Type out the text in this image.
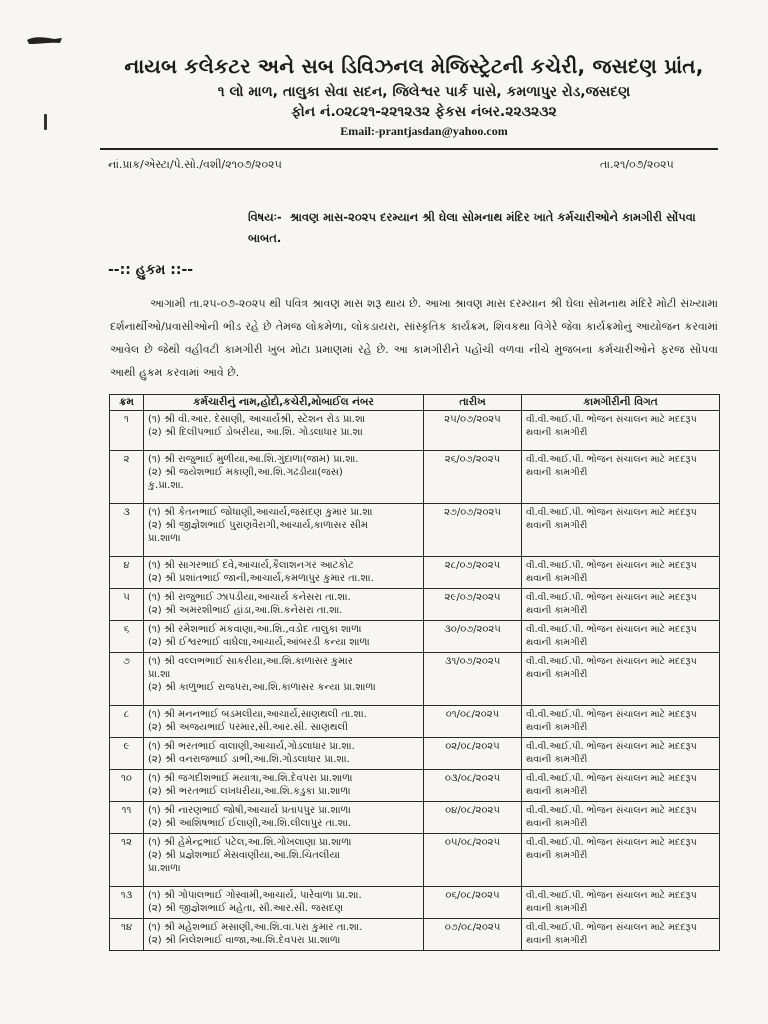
નાયબ કલેકટર અને સબ ડિવિઝનલ મેજિસ્ટ્રેટની કચેરી, જસદણ પ્રાંત,
૧ લો માળ, તાલુકા સેવા સદન, જિલેશ્વર પાર્ક પાસે, કમળાપુર રોડ,જસદણ
ફોન નં.૦૨૮૨૧-૨૨૧૨૩૨ ફેકસ નંબર.૨૨૩૨૩૨
Email:-prantjasdan@yahoo.com
નાં.પ્રાક/એસ્ટા/પે.સો./વશી/૨૧૦૭/૨૦૨૫	તા.૨૧/૦૭/૨૦૨૫
વિષયઃ- શ્રાવણ માસ-૨૦૨૫ દરમ્યાન શ્રી ઘેલા સોમનાથ મંદિર ખાતે કર્મચારીઓને કામગીરી સોંપવા બાબત.
--:: હુકમ ::--
આગામી તા.૨૫-૦૭-૨૦૨૫ થી પવિત્ર શ્રાવણ માસ શરૂ થાય છે. આખા શ્રાવણ માસ દરમ્યાન શ્રી ઘેલા સોમનાથ મંદિરે મોટી સંખ્યામા દર્શનાર્થીઓ/પ્રવાસીઓની ભીડ રહે છે તેમજ લોકમેળા, લોકડાયરા, સાંસ્કૃતિક કાર્યક્રમ, શિવકથા વિગેરે જેવા કાર્યક્રમોનું આયોજન કરવામાં આવેલ છે જેથી વહીવટી કામગીરી ખુબ મોટા પ્રમાણમાં રહે છે. આ કામગીરીને પહોંચી વળવા નીચે મુજબના કર્મચારીઓને ફરજ સોંપવા આથી હુકમ કરવામાં આવે છે.
ક્રમ	કર્મચારીનું નામ,હોદો,કચેરી,મોબાઈલ નંબર	તારીખ	કામગીરીની વિગત
૧	(૧) શ્રી વી.આર. દેસાણી, આચાર્યશ્રી, સ્ટેશન રોડ પ્રા.શા
(૨) શ્રી દિલીપભાઈ ડોબરીયા, આ.શિ. ગોડલાધાર પ્રા.શા	૨૫/૦૭/૨૦૨૫	વી.વી.આઈ.પી. ભોજન સંચાલન માટે મદદરૂપ થવાની કામગીરી
૨	(૧) શ્રી રાજુભાઈ મુળીયા,આ.શિ.ગુંદાળા(જામ) પ્રા.શા.
(૨) શ્રી જયેશભાઈ મકાણી,આ.શિ.ગઢડીયા(જસ)
કુ.પ્રા.શા.	૨૬/૦૭/૨૦૨૫	વી.વી.આઈ.પી. ભોજન સંચાલન માટે મદદરૂપ થવાની કામગીરી
૩	(૧) શ્રી કેતનભાઈ જોધાણી,આચાર્ય,જસદણ કુમાર પ્રા.શા
(૨) શ્રી જીજ્ઞેશભાઈ પુરાણવૈરાગી,આચાર્ય,કાળાસર સીમ
પ્રા.શાળા	૨૭/૦૭/૨૦૨૫	વી.વી.આઈ.પી. ભોજન સંચાલન માટે મદદરૂપ થવાની કામગીરી
૪	(૧) શ્રી સાગરભાઈ દવે,આચાર્ય,કૈલાશનગર આટકોટ
(૨) શ્રી પ્રશાંતભાઈ જાની,આચાર્ય,કમળાપુર કુમાર તા.શા.	૨૮/૦૭/૨૦૨૫	વી.વી.આઈ.પી. ભોજન સંચાલન માટે મદદરૂપ થવાની કામગીરી
૫	(૧) શ્રી રાજુભાઈ ઝાપડીયા,આચાર્ય કનેસરા તા.શા.
(૨) શ્રી અમરશીભાઈ હાંડા,આ.શિ.કનેસરા તા.શા.	૨૯/૦૭/૨૦૨૫	વી.વી.આઈ.પી. ભોજન સંચાલન માટે મદદરૂપ થવાની કામગીરી
૬	(૧) શ્રી રમેશભાઈ મકવાણા,આ.શિ.,વડોદ તાલુકા શાળા
(૨) શ્રી ઈશ્વરભાઈ વાઘેલા,આચાર્ય,આંબરડી કન્યા શાળા	૩૦/૦૭/૨૦૨૫	વી.વી.આઈ.પી. ભોજન સંચાલન માટે મદદરૂપ થવાની કામગીરી
૭	(૧) શ્રી વલ્લભભાઈ સાકરીયા,આ.શિ.કાળાસર કુમાર
પ્રા.શા
(૨) શ્રી કાળુભાઈ રાજપરા,આ.શિ.કાળાસર કન્યા પ્રા.શાળા	૩૧/૦૭/૨૦૨૫	વી.વી.આઈ.પી. ભોજન સંચાલન માટે મદદરૂપ થવાની કામગીરી
૮	(૧) શ્રી મનનભાઈ બડમલીયા,આચાર્ય,સાણથલી તા.શા.
(૨) શ્રી અજયભાઈ પરમાર,સી.આર.સી. સાણથલી	૦૧/૦૮/૨૦૨૫	વી.વી.આઈ.પી. ભોજન સંચાલન માટે મદદરૂપ થવાની કામગીરી
૯	(૧) શ્રી ભરતભાઈ વાલાણી,આચાર્ય,ગોડલાધાર પ્રા.શા.
(૨) શ્રી વનરાજભાઈ ડાભી,આ.શિ.ગોડલાધાર પ્રા.શા.	૦૨/૦૮/૨૦૨૫	વી.વી.આઈ.પી. ભોજન સંચાલન માટે મદદરૂપ થવાની કામગીરી
૧૦	(૧) શ્રી જગદીશભાઈ મયાત્રા,આ.શિ.દેવપરા પ્રા.શાળા
(૨) શ્રી ભરતભાઈ લખધરીયા,આ.શિ.કડુકા પ્રા.શાળા	૦૩/૦૮/૨૦૨૫	વી.વી.આઈ.પી. ભોજન સંચાલન માટે મદદરૂપ થવાની કામગીરી
૧૧	(૧) શ્રી નારણભાઈ જોષી,આચાર્ય પ્રતાપપુર પ્રા.શાળા
(૨) શ્રી આશિષભાઈ ઈલાણી,આ.શિ.લીલાપુર તા.શા.	૦૪/૦૮/૨૦૨૫	વી.વી.આઈ.પી. ભોજન સંચાલન માટે મદદરૂપ થવાની કામગીરી
૧૨	(૧) શ્રી હેમેન્દ્રભાઈ પટેલ,આ.શિ.ગોખલાણા પ્રા.શાળા
(૨) શ્રી પ્રજ્ઞેશભાઈ મેસવાણીયા,આ.શિ.ચિતલીયા
પ્રા.શાળા	૦૫/૦૮/૨૦૨૫	વી.વી.આઈ.પી. ભોજન સંચાલન માટે મદદરૂપ થવાની કામગીરી
૧૩	(૧) શ્રી ગોપાલભાઈ ગોસ્વામી,આચાર્ય, પારેવાળા પ્રા.શા.
(૨) શ્રી જીજ્ઞેશભાઈ મહેતા, સી.આર.સી. જસદણ	૦૬/૦૮/૨૦૨૫	વી.વી.આઈ.પી. ભોજન સંચાલન માટે મદદરૂપ થવાની કામગીરી
૧૪	(૧) શ્રી મહેશભાઈ મસાણી,આ.શિ.વા.પરા કુમાર તા.શા.
(૨) શ્રી નિલેશભાઈ વાજા,આ.શિ.દેવપરા પ્રા.શાળા	૦૭/૦૮/૨૦૨૫	વી.વી.આઈ.પી. ભોજન સંચાલન માટે મદદરૂપ થવાની કામગીરી
